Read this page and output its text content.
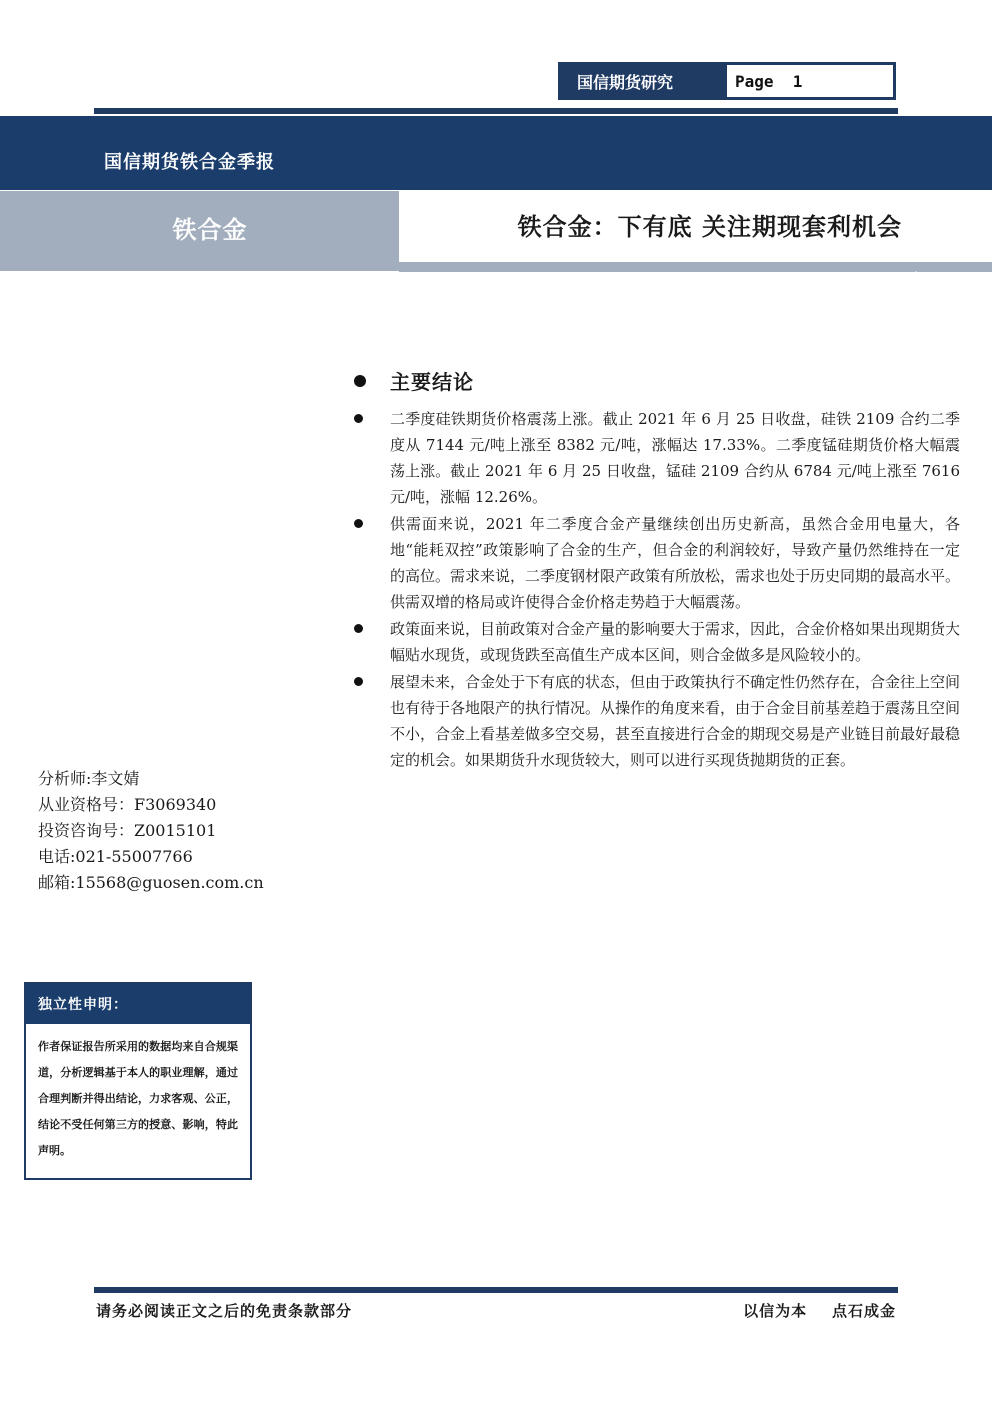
国信期货研究	Page  1
国信期货铁合金季报
铁合金	铁合金：下有底 关注期现套利机会
2021年6月27日
主要结论
二季度硅铁期货价格震荡上涨。截止 2021 年 6 月 25 日收盘，硅铁 2109 合约二季度从 7144 元/吨上涨至 8382 元/吨，涨幅达 17.33%。二季度锰硅期货价格大幅震荡上涨。截止 2021 年 6 月 25 日收盘，锰硅 2109 合约从 6784 元/吨上涨至 7616 元/吨，涨幅 12.26%。
供需面来说，2021 年二季度合金产量继续创出历史新高，虽然合金用电量大，各地“能耗双控”政策影响了合金的生产，但合金的利润较好，导致产量仍然维持在一定的高位。需求来说，二季度钢材限产政策有所放松，需求也处于历史同期的最高水平。供需双增的格局或许使得合金价格走势趋于大幅震荡。
政策面来说，目前政策对合金产量的影响要大于需求，因此，合金价格如果出现期货大幅贴水现货，或现货跌至高值生产成本区间，则合金做多是风险较小的。
展望未来，合金处于下有底的状态，但由于政策执行不确定性仍然存在，合金往上空间也有待于各地限产的执行情况。从操作的角度来看，由于合金目前基差趋于震荡且空间不小，合金上看基差做多空交易，甚至直接进行合金的期现交易是产业链目前最好最稳定的机会。如果期货升水现货较大，则可以进行买现货抛期货的正套。
分析师:李文婧
从业资格号：F3069340
投资咨询号：Z0015101
电话:021-55007766
邮箱:15568@guosen.com.cn
独立性申明：
作者保证报告所采用的数据均来自合规渠道，分析逻辑基于本人的职业理解，通过合理判断并得出结论，力求客观、公正，结论不受任何第三方的授意、影响，特此声明。
请务必阅读正文之后的免责条款部分	以信为本    点石成金
